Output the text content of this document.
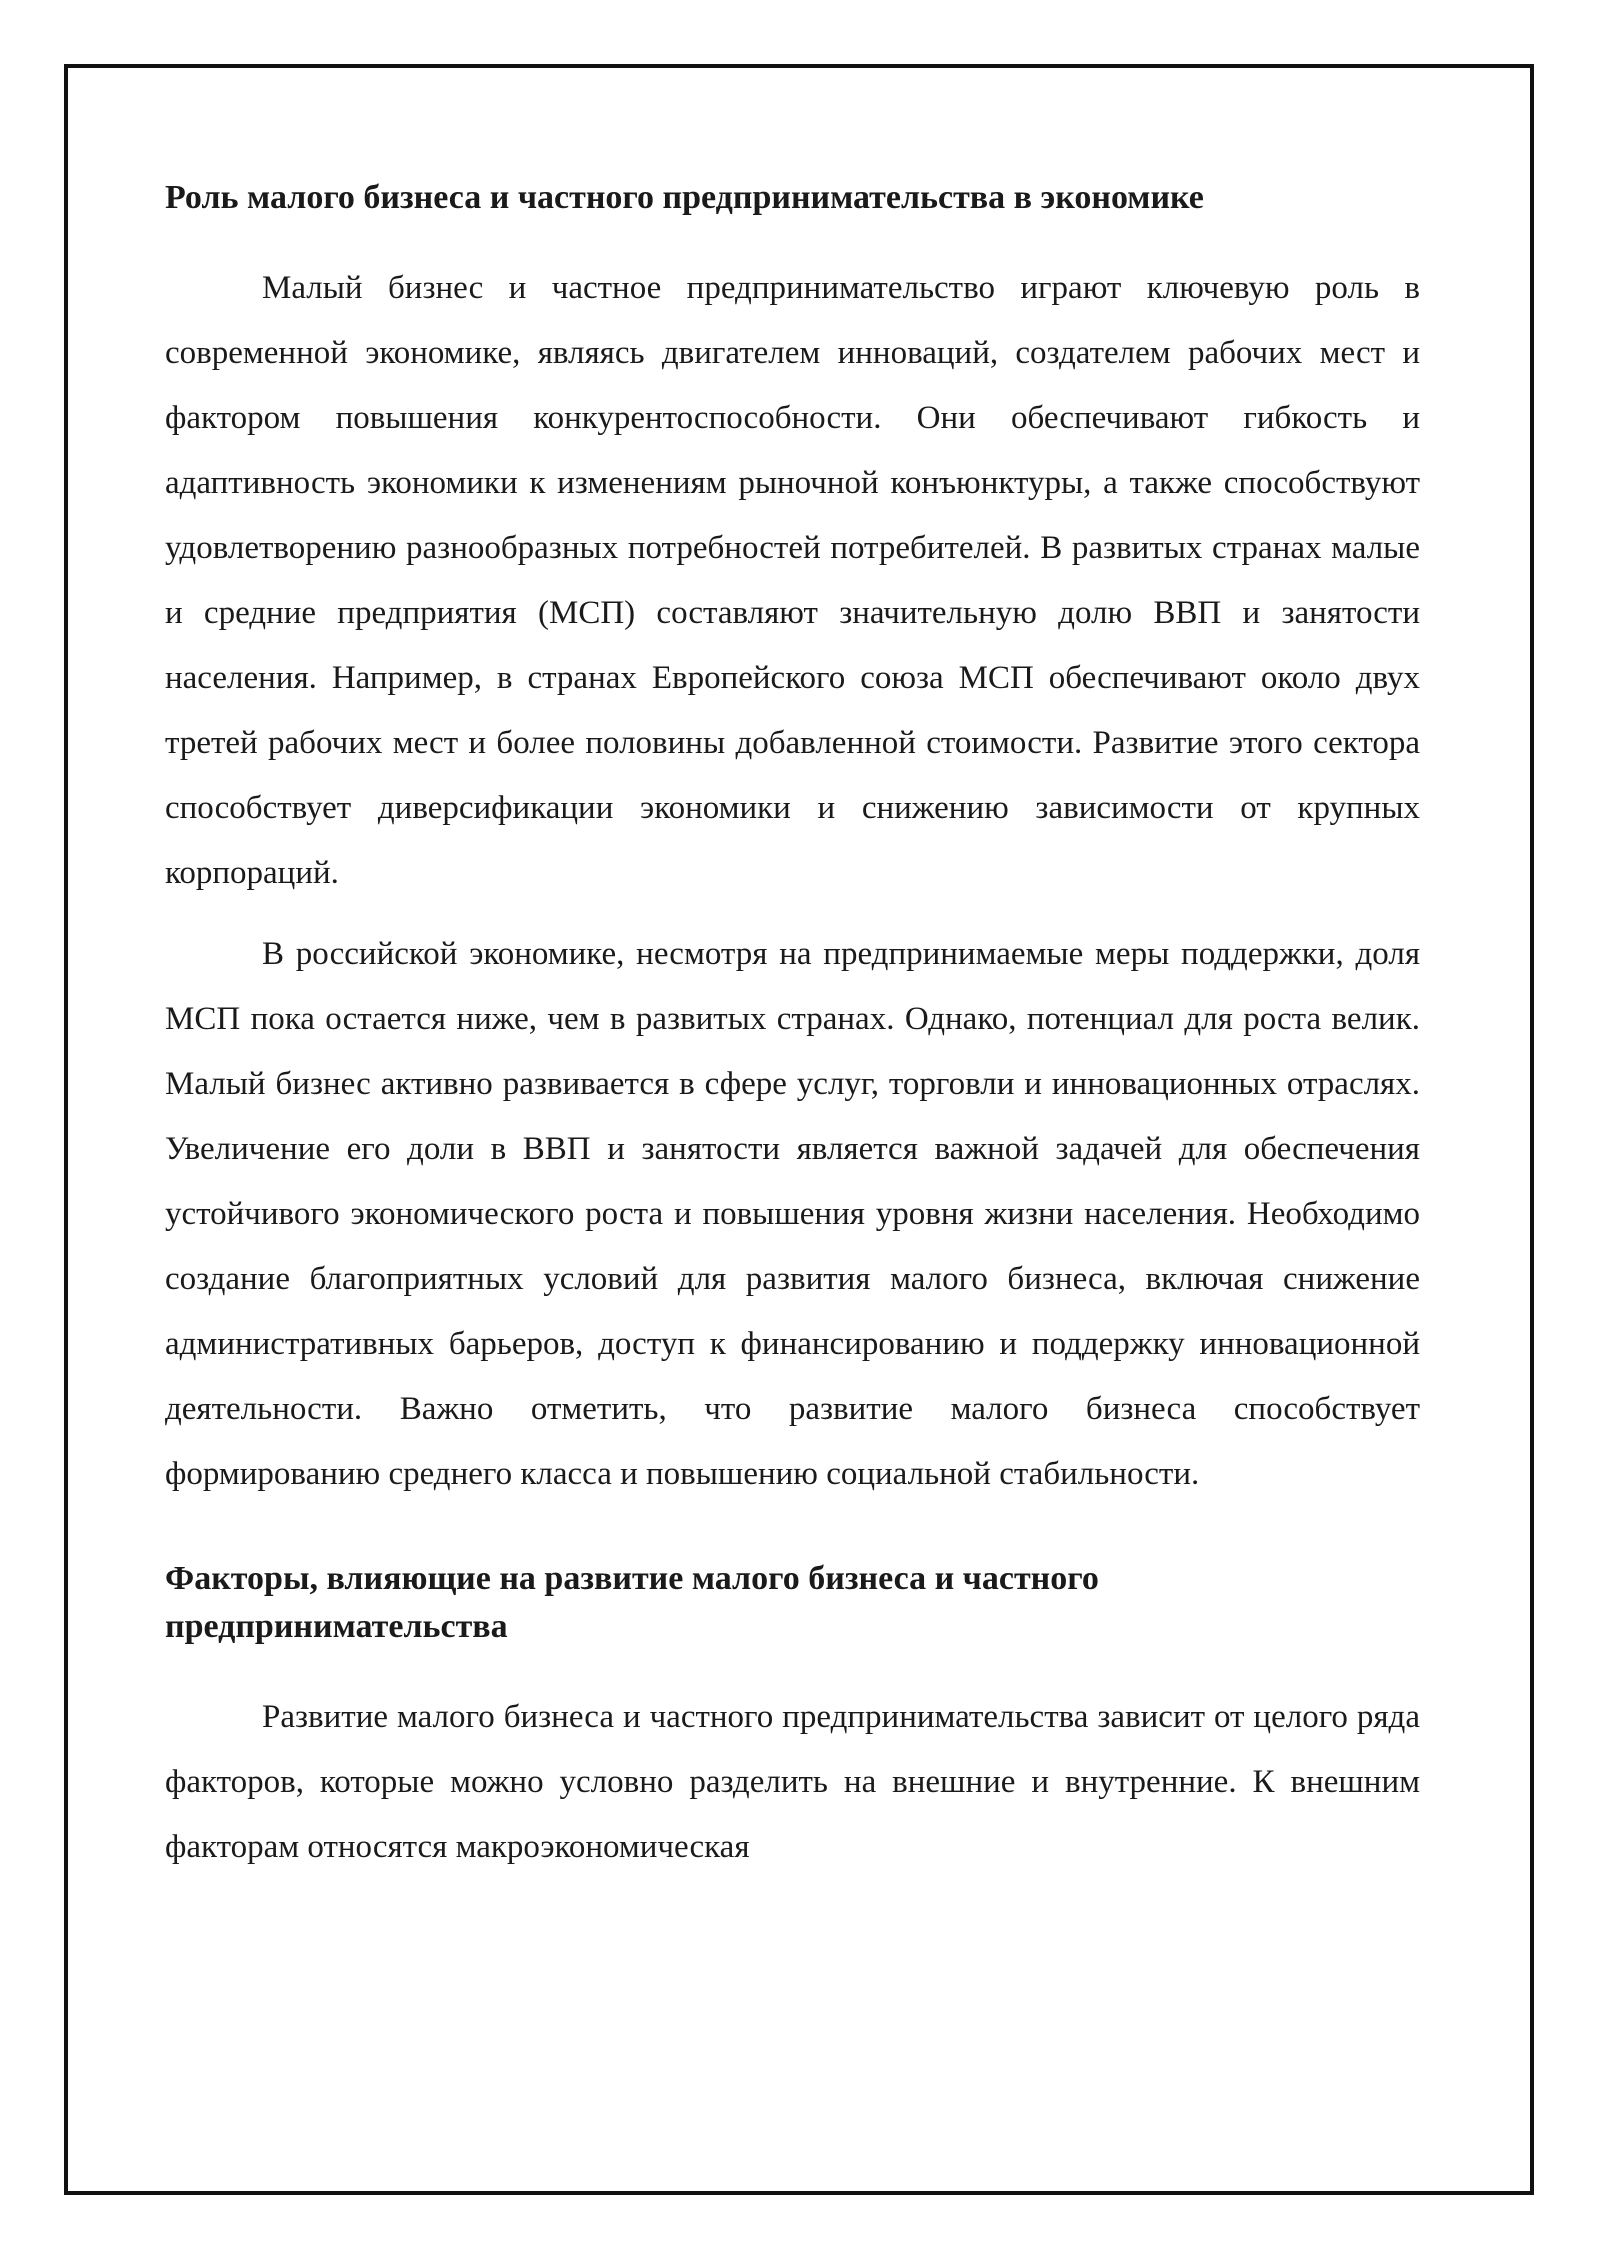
Роль малого бизнеса и частного предпринимательства в экономике

Малый бизнес и частное предпринимательство играют ключевую роль в современной экономике, являясь двигателем инноваций, создателем рабочих мест и фактором повышения конкурентоспособности. Они обеспечивают гибкость и адаптивность экономики к изменениям рыночной конъюнктуры, а также способствуют удовлетворению разнообразных потребностей потребителей. В развитых странах малые и средние предприятия (МСП) составляют значительную долю ВВП и занятости населения. Например, в странах Европейского союза МСП обеспечивают около двух третей рабочих мест и более половины добавленной стоимости. Развитие этого сектора способствует диверсификации экономики и снижению зависимости от крупных корпораций.

В российской экономике, несмотря на предпринимаемые меры поддержки, доля МСП пока остается ниже, чем в развитых странах. Однако, потенциал для роста велик. Малый бизнес активно развивается в сфере услуг, торговли и инновационных отраслях. Увеличение его доли в ВВП и занятости является важной задачей для обеспечения устойчивого экономического роста и повышения уровня жизни населения. Необходимо создание благоприятных условий для развития малого бизнеса, включая снижение административных барьеров, доступ к финансированию и поддержку инновационной деятельности. Важно отметить, что развитие малого бизнеса способствует формированию среднего класса и повышению социальной стабильности.

Факторы, влияющие на развитие малого бизнеса и частного предпринимательства

Развитие малого бизнеса и частного предпринимательства зависит от целого ряда факторов, которые можно условно разделить на внешние и внутренние. К внешним факторам относятся макроэкономическая
